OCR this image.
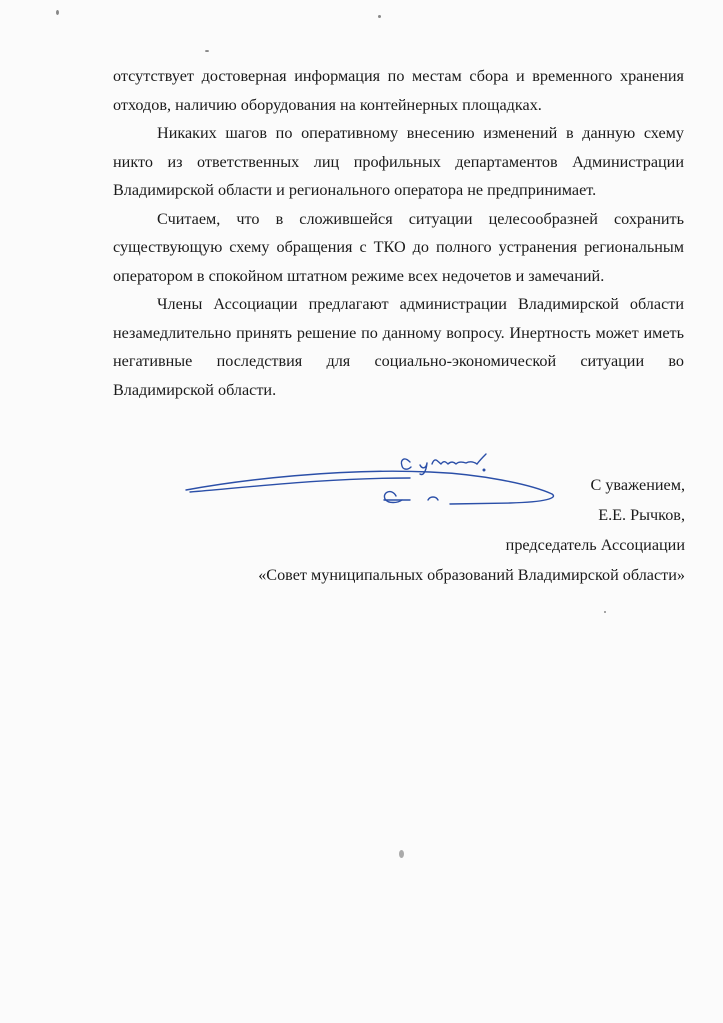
отсутствует достоверная информация по местам сбора и временного хранения отходов, наличию оборудования на контейнерных площадках.

Никаких шагов по оперативному внесению изменений в данную схему никто из ответственных лиц профильных департаментов Администрации Владимирской области и регионального оператора не предпринимает.

Считаем, что в сложившейся ситуации целесообразней сохранить существующую схему обращения с ТКО до полного устранения региональным оператором в спокойном штатном режиме всех недочетов и замечаний.

Члены Ассоциации предлагают администрации Владимирской области незамедлительно принять решение по данному вопросу. Инертность может иметь негативные последствия для социально-экономической ситуации во Владимирской области.

С уважением,

Е.Е. Рычков,

председатель Ассоциации

«Совет муниципальных образований Владимирской области»
